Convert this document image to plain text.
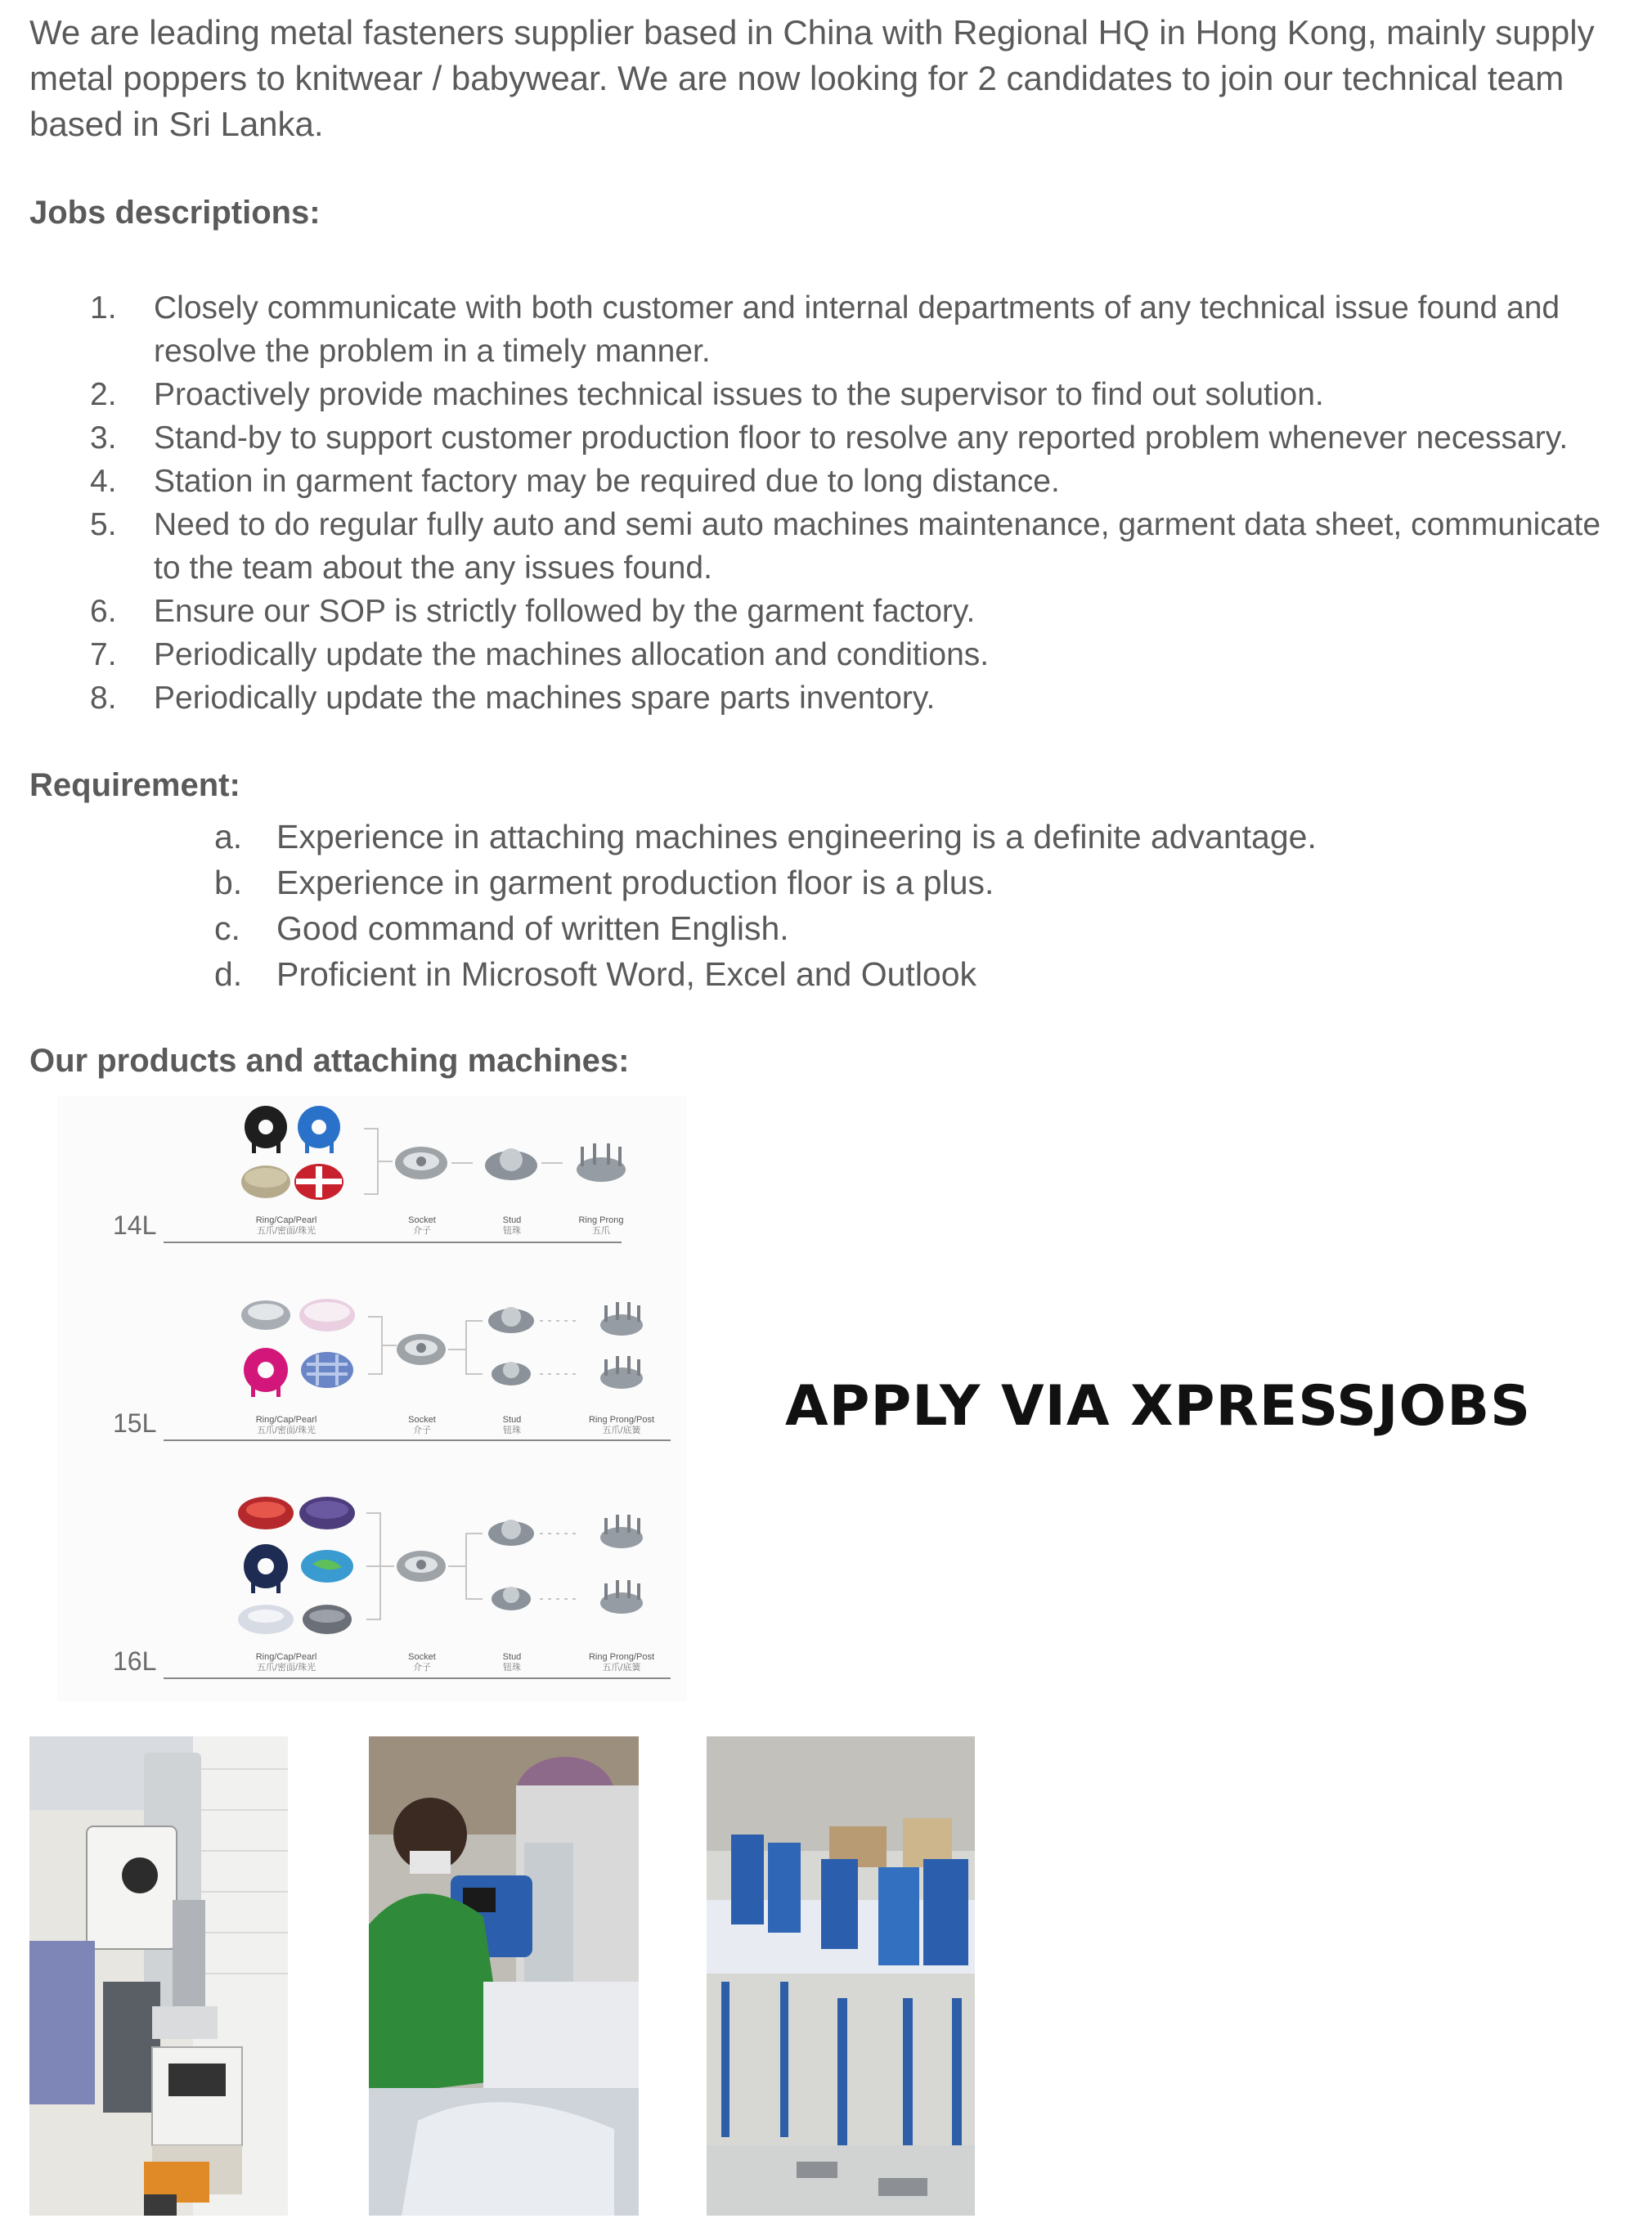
We are leading metal fasteners supplier based in China with Regional HQ in Hong Kong, mainly supply metal poppers to knitwear / babywear. We are now looking for 2 candidates to join our technical team based in Sri Lanka.

Jobs descriptions:
1. Closely communicate with both customer and internal departments of any technical issue found and resolve the problem in a timely manner.
2. Proactively provide machines technical issues to the supervisor to find out solution.
3. Stand-by to support customer production floor to resolve any reported problem whenever necessary.
4. Station in garment factory may be required due to long distance.
5. Need to do regular fully auto and semi auto machines maintenance, garment data sheet, communicate to the team about the any issues found.
6. Ensure our SOP is strictly followed by the garment factory.
7. Periodically update the machines allocation and conditions.
8. Periodically update the machines spare parts inventory.
Requirement:
a. Experience in attaching machines engineering is a definite advantage.
b. Experience in garment production floor is a plus.
c. Good command of written English.
d. Proficient in Microsoft Word, Excel and Outlook
Our products and attaching machines:
Ring/Cap/Pearl
五爪/密面/珠光
Socket
介子
Stud
钮珠
Ring Prong
五爪
14L
Ring/Cap/Pearl
五爪/密面/珠光
Socket
介子
Stud
钮珠
Ring Prong/Post
五爪/底簧
15L
Ring/Cap/Pearl
五爪/密面/珠光
Socket
介子
Stud
钮珠
Ring Prong/Post
五爪/底簧
16L
APPLY VIA XPRESSJOBS
